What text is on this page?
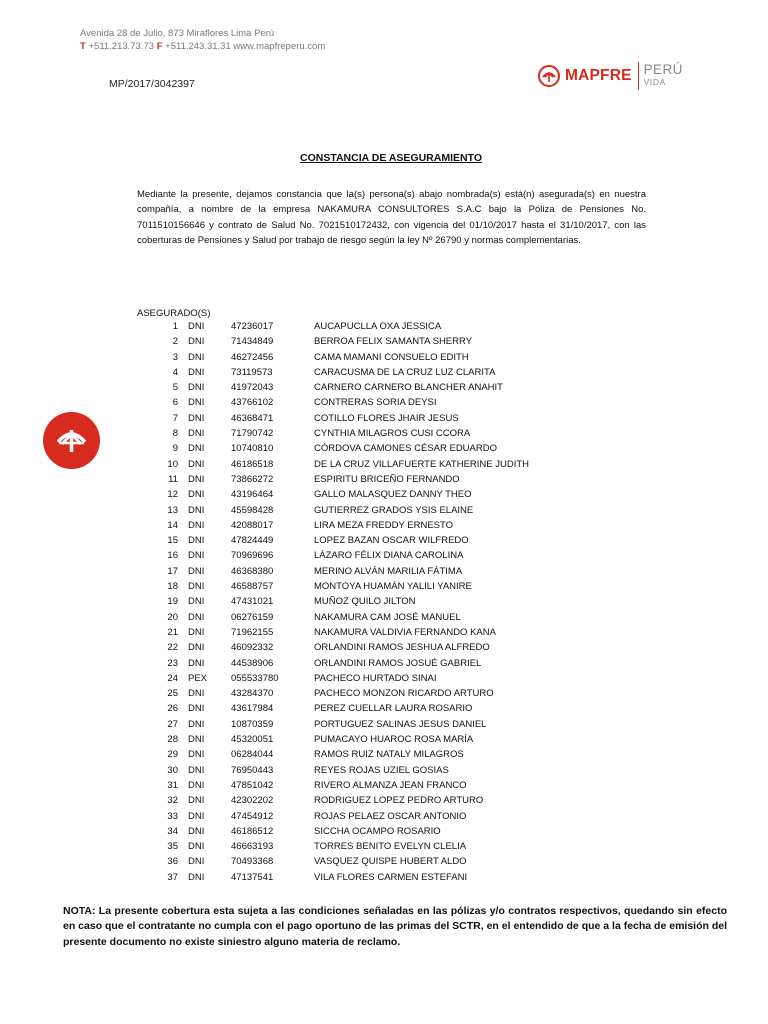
Avenida 28 de Julio, 873 Miraflores Lima Perú
T +511.213.73.73 F +511.243.31.31 www.mapfreperu.com
MAPFRE PERÚ
VIDA
MP/2017/3042397
CONSTANCIA DE ASEGURAMIENTO
Mediante la presente, dejamos constancia que la(s) persona(s) abajo nombrada(s) está(n) asegurada(s) en nuestra compañía, a nombre de la empresa NAKAMURA CONSULTORES S.A.C bajo la Póliza de Pensiones No. 7011510156646 y contrato de Salud No. 7021510172432, con vigencia del 01/10/2017 hasta el 31/10/2017, con las coberturas de Pensiones y Salud por trabajo de riesgo según la ley Nº 26790 y normas complementarias.
ASEGURADO(S)
1 DNI	47236017	AUCAPUCLLA OXA JESSICA
2 DNI	71434849	BERROA FELIX SAMANTA SHERRY
3 DNI	46272456	CAMA MAMANI CONSUELO EDITH
4 DNI	73119573	CARACUSMA DE LA CRUZ LUZ CLARITA
5 DNI	41972043	CARNERO CARNERO BLANCHER ANAHIT
6 DNI	43766102	CONTRERAS SORIA DEYSI
7 DNI	46368471	COTILLO FLORES JHAIR JESUS
8 DNI	71790742	CYNTHIA MILAGROS CUSI CCORA
9 DNI	10740810	CÓRDOVA CAMONES CÉSAR EDUARDO
10 DNI	46186518	DE LA CRUZ VILLAFUERTE KATHERINE JUDITH
11 DNI	73866272	ESPIRITU BRICEÑO FERNANDO
12 DNI	43196464	GALLO MALASQUEZ DANNY THEO
13 DNI	45598428	GUTIERREZ GRADOS YSIS ELAINE
14 DNI	42088017	LIRA MEZA FREDDY ERNESTO
15 DNI	47824449	LOPEZ BAZAN OSCAR WILFREDO
16 DNI	70969696	LÁZARO FÉLIX DIANA CAROLINA
17 DNI	46368380	MERINO ALVÁN MARILIA FÁTIMA
18 DNI	46588757	MONTOYA HUAMÁN YALILI YANIRE
19 DNI	47431021	MUÑOZ QUILO JILTON
20 DNI	06276159	NAKAMURA CAM JOSÉ MANUEL
21 DNI	71962155	NAKAMURA VALDIVIA FERNANDO KANA
22 DNI	46092332	ORLANDINI RAMOS JESHUA ALFREDO
23 DNI	44538906	ORLANDINI RAMOS JOSUÉ GABRIEL
24 PEX	055533780	PACHECO HURTADO SINAI
25 DNI	43284370	PACHECO MONZON RICARDO ARTURO
26 DNI	43617984	PEREZ CUELLAR LAURA ROSARIO
27 DNI	10870359	PORTUGUEZ SALINAS JESUS DANIEL
28 DNI	45320051	PUMACAYO HUAROC ROSA MARÍA
29 DNI	06284044	RAMOS RUIZ NATALY MILAGROS
30 DNI	76950443	REYES ROJAS UZIEL GOSIAS
31 DNI	47851042	RIVERO ALMANZA JEAN FRANCO
32 DNI	42302202	RODRIGUEZ LOPEZ PEDRO ARTURO
33 DNI	47454912	ROJAS PELAEZ OSCAR ANTONIO
34 DNI	46186512	SICCHA OCAMPO ROSARIO
35 DNI	46663193	TORRES BENITO EVELYN CLELIA
36 DNI	70493368	VASQUEZ QUISPE HUBERT ALDO
37 DNI	47137541	VILA FLORES CARMEN ESTEFANI
NOTA: La presente cobertura esta sujeta a las condiciones señaladas en las pólizas y/o contratos respectivos, quedando sin efecto en caso que el contratante no cumpla con el pago oportuno de las primas del SCTR, en el entendido de que a la fecha de emisión del presente documento no existe siniestro alguno materia de reclamo.
